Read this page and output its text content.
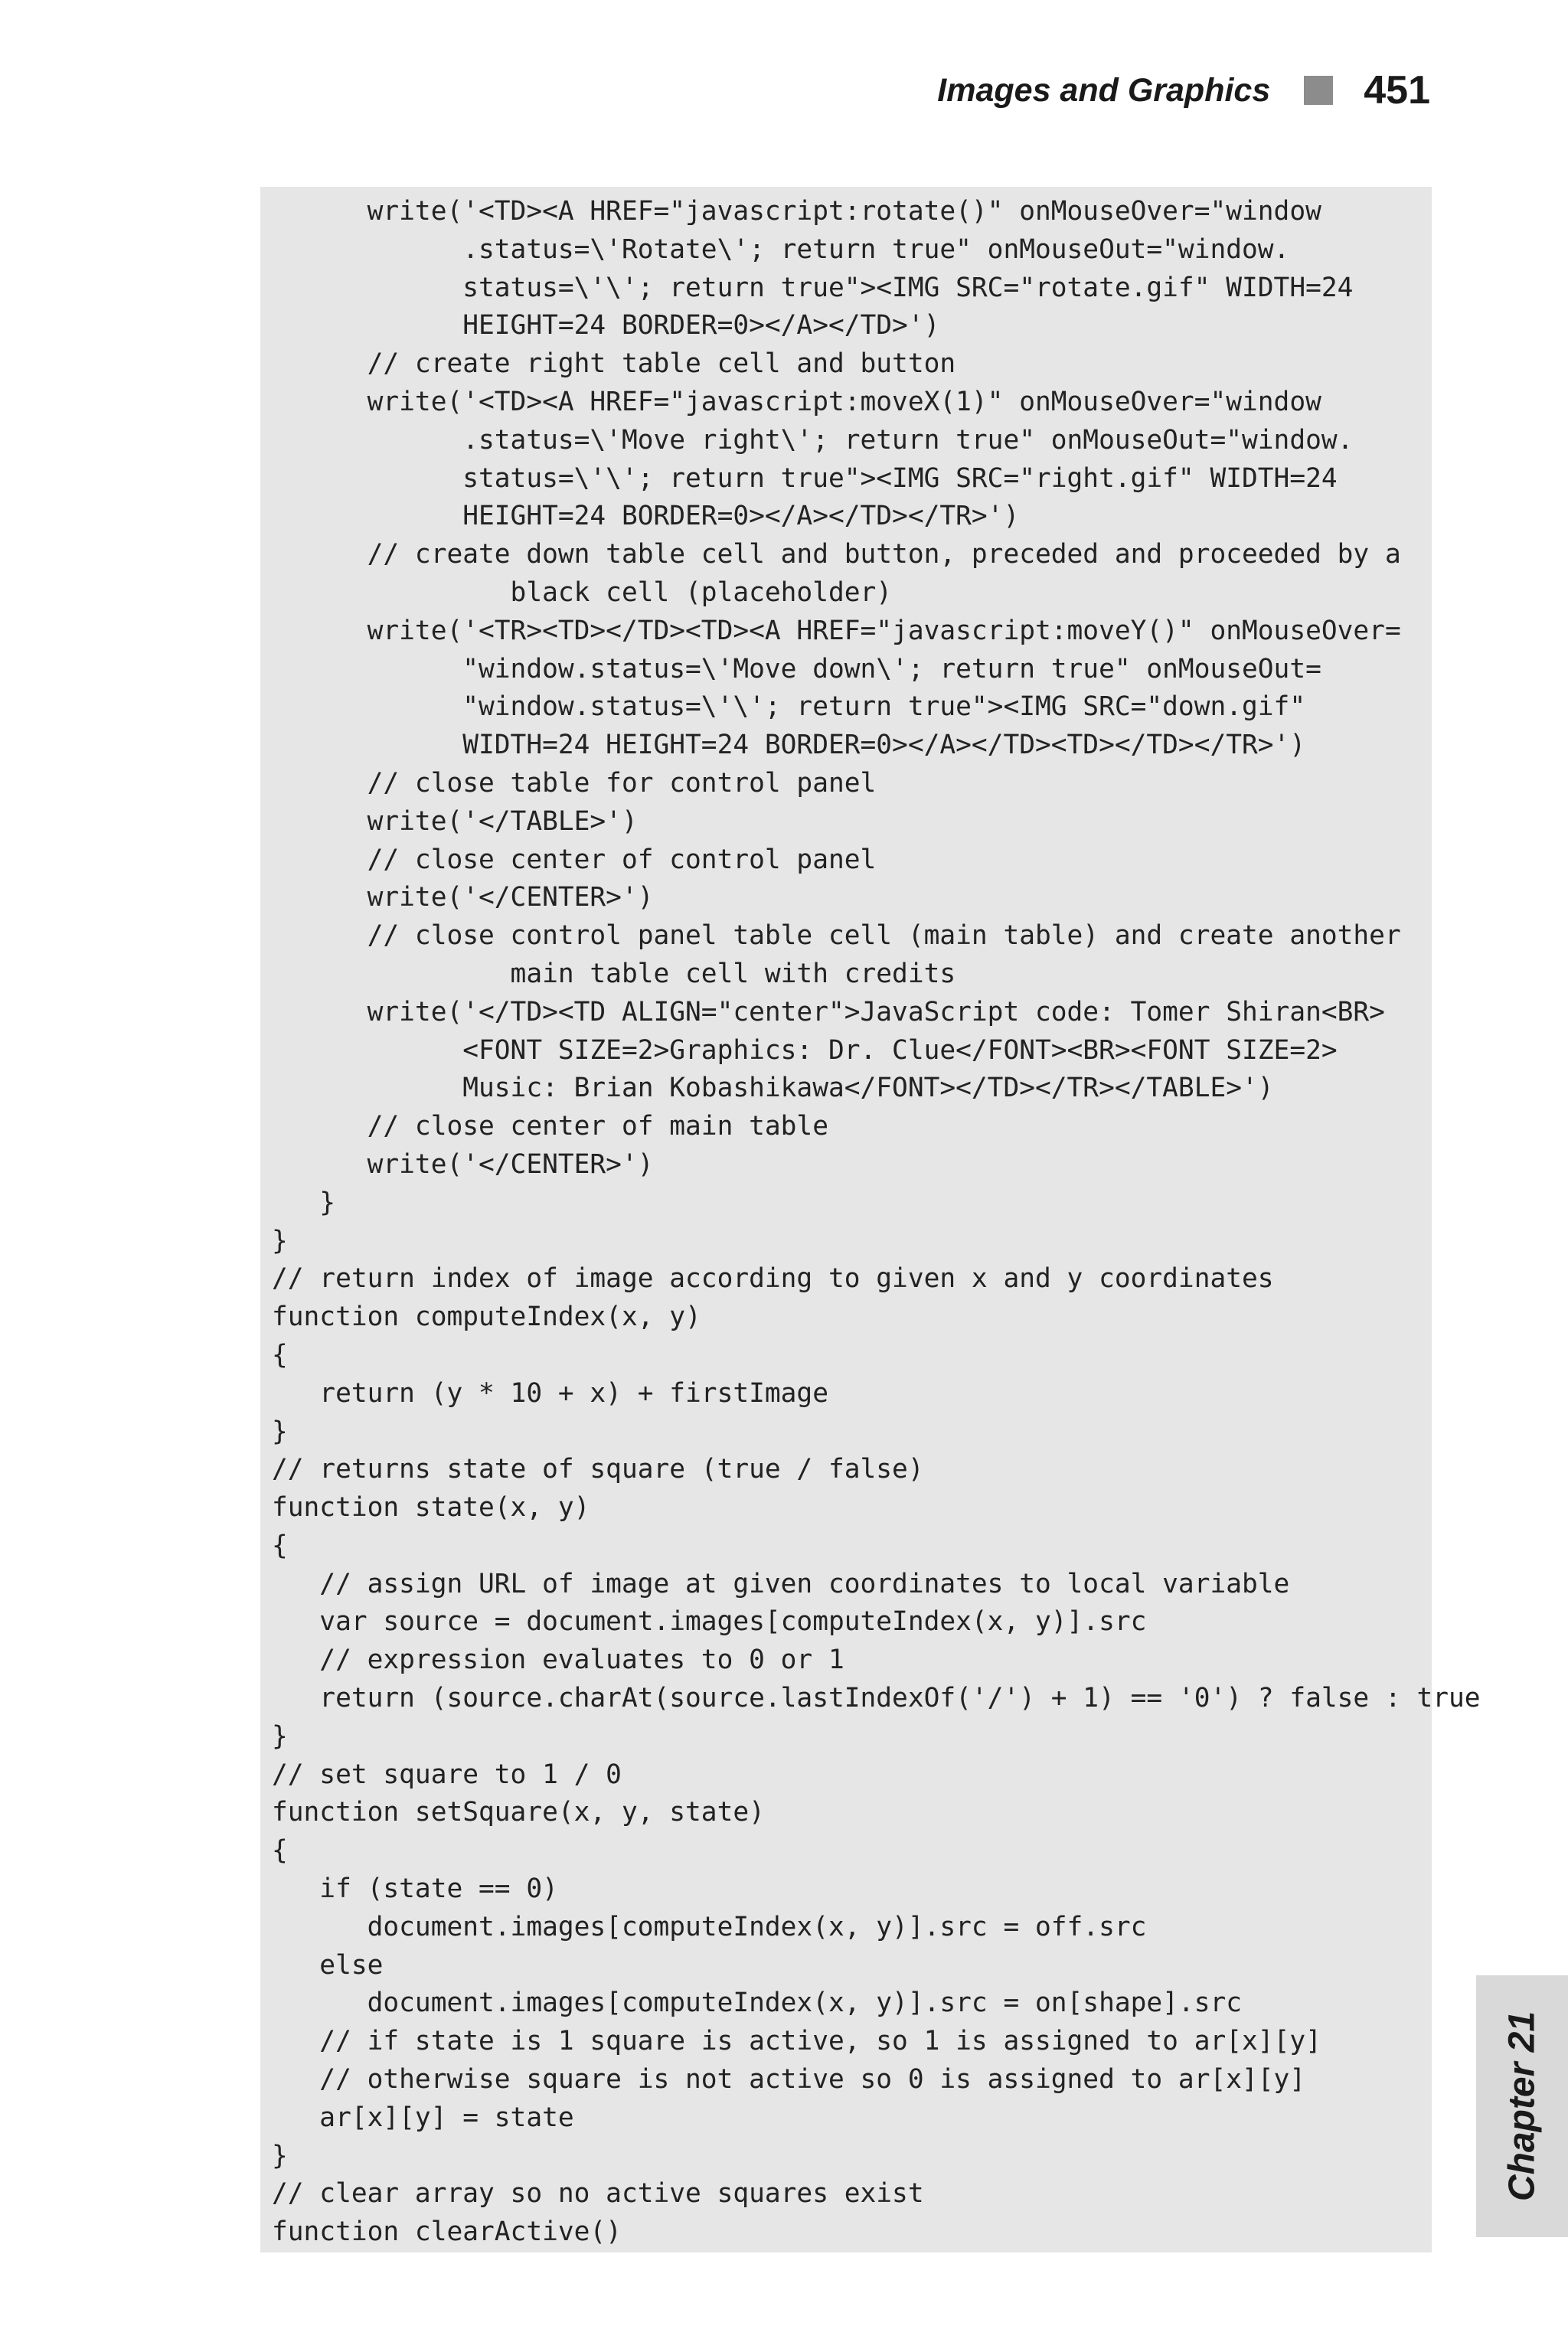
Images and Graphics 451
write('<TD><A HREF="javascript:rotate()" onMouseOver="window
.status=\'Rotate\'; return true" onMouseOut="window.
status=\'\'; return true"><IMG SRC="rotate.gif" WIDTH=24
HEIGHT=24 BORDER=0></A></TD>')
// create right table cell and button
write('<TD><A HREF="javascript:moveX(1)" onMouseOver="window
.status=\'Move right\'; return true" onMouseOut="window.
status=\'\'; return true"><IMG SRC="right.gif" WIDTH=24
HEIGHT=24 BORDER=0></A></TD></TR>')
// create down table cell and button, preceded and proceeded by a
black cell (placeholder)
write('<TR><TD></TD><TD><A HREF="javascript:moveY()" onMouseOver=
"window.status=\'Move down\'; return true" onMouseOut=
"window.status=\'\'; return true"><IMG SRC="down.gif"
WIDTH=24 HEIGHT=24 BORDER=0></A></TD><TD></TD></TR>')
// close table for control panel
write('</TABLE>')
// close center of control panel
write('</CENTER>')
// close control panel table cell (main table) and create another
main table cell with credits
write('</TD><TD ALIGN="center">JavaScript code: Tomer Shiran<BR>
<FONT SIZE=2>Graphics: Dr. Clue</FONT><BR><FONT SIZE=2>
Music: Brian Kobashikawa</FONT></TD></TR></TABLE>')
// close center of main table
write('</CENTER>')
}
}
// return index of image according to given x and y coordinates
function computeIndex(x, y)
{
return (y * 10 + x) + firstImage
}
// returns state of square (true / false)
function state(x, y)
{
// assign URL of image at given coordinates to local variable
var source = document.images[computeIndex(x, y)].src
// expression evaluates to 0 or 1
return (source.charAt(source.lastIndexOf('/') + 1) == '0') ? false : true
}
// set square to 1 / 0
function setSquare(x, y, state)
{
if (state == 0)
document.images[computeIndex(x, y)].src = off.src
else
document.images[computeIndex(x, y)].src = on[shape].src
// if state is 1 square is active, so 1 is assigned to ar[x][y]
// otherwise square is not active so 0 is assigned to ar[x][y]
ar[x][y] = state
}
// clear array so no active squares exist
function clearActive()
Chapter 21
